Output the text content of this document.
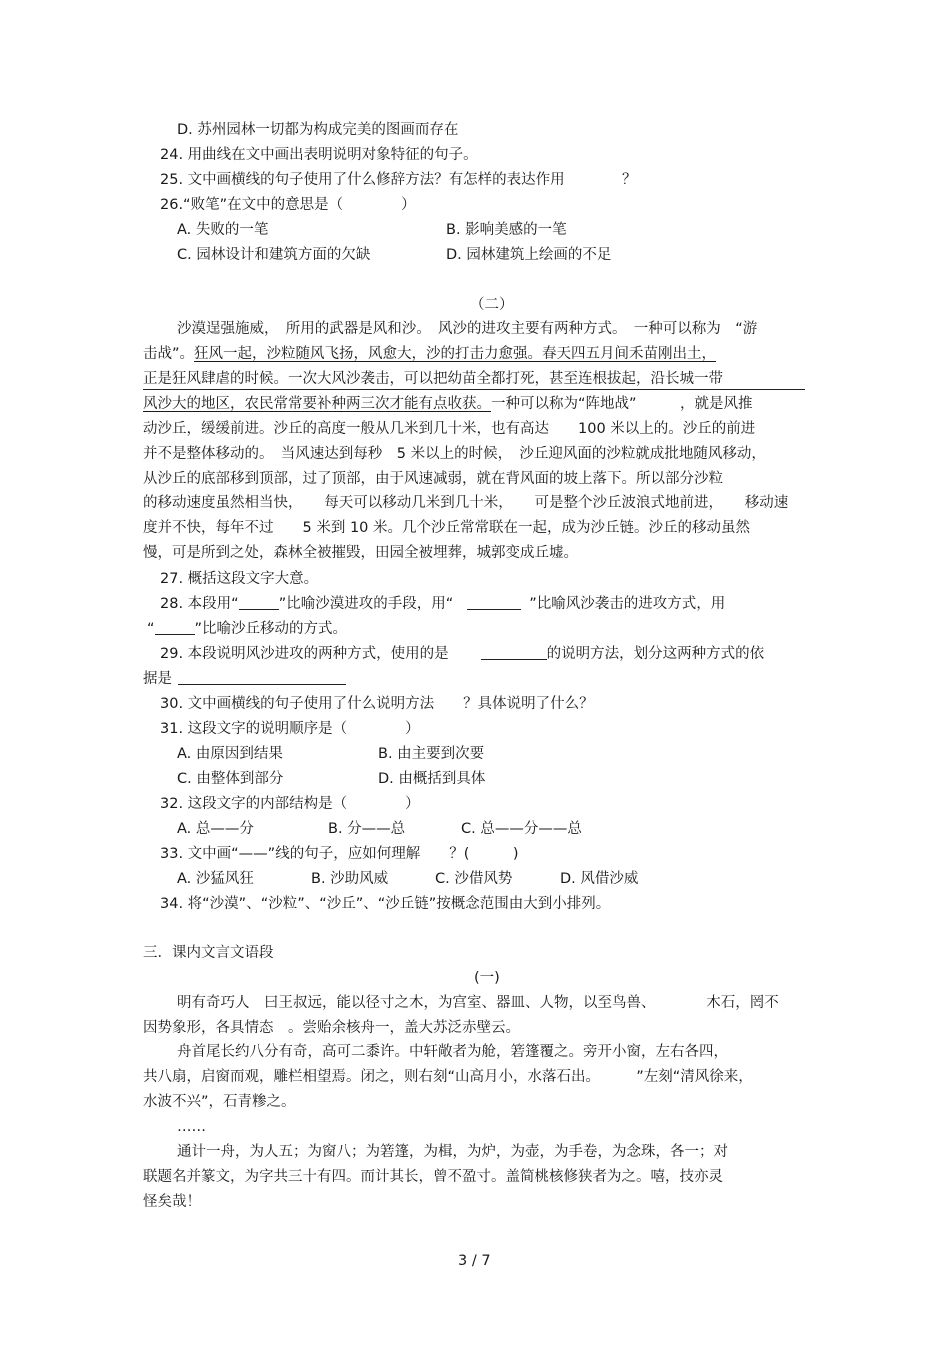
D. 苏州园林一切都为构成完美的图画而存在
24. 用曲线在文中画出表明说明对象特征的句子。
25. 文中画横线的句子使用了什么修辞方法？有怎样的表达作用	？
26.“败笔”在文中的意思是（　　　　）
A. 失败的一笔	B. 影响美感的一笔
C. 园林设计和建筑方面的欠缺	D. 园林建筑上绘画的不足
（二）
沙漠逞强施威，　所用的武器是风和沙。　风沙的进攻主要有两种方式。　一种可以称为　“游
击战”。狂风一起，沙粒随风飞扬，风愈大，沙的打击力愈强。春天四五月间禾苗刚出土，
正是狂风肆虐的时候。一次大风沙袭击，可以把幼苗全都打死，甚至连根拔起，沿长城一带
风沙大的地区，农民常常要补种两三次才能有点收获。一种可以称为“阵地战”　　　，就是风推
动沙丘，缓缓前进。沙丘的高度一般从几米到几十米，也有高达　　100 米以上的。沙丘的前进
并不是整体移动的。　当风速达到每秒　5 米以上的时候，　沙丘迎风面的沙粒就成批地随风移动，
从沙丘的底部移到顶部，过了顶部，由于风速减弱，就在背风面的坡上落下。所以部分沙粒
的移动速度虽然相当快，　　每天可以移动几米到几十米，　　可是整个沙丘波浪式地前进，　　移动速
度并不快，每年不过　　5 米到 10 米。几个沙丘常常联在一起，成为沙丘链。沙丘的移动虽然
慢，可是所到之处，森林全被摧毁，田园全被埋葬，城郭变成丘墟。
27. 概括这段文字大意。
28. 本段用“	”比喻沙漠进攻的手段，用“	”比喻风沙袭击的进攻方式，用
“	”比喻沙丘移动的方式。
29. 本段说明风沙进攻的两种方式，使用的是	的说明方法，划分这两种方式的依
据是
30. 文中画横线的句子使用了什么说明方法　　？具体说明了什么？
31. 这段文字的说明顺序是（　　　　）
A. 由原因到结果	B. 由主要到次要
C. 由整体到部分	D. 由概括到具体
32. 这段文字的内部结构是（　　　　）
A. 总——分	B. 分——总	C. 总——分——总
33. 文中画“——”线的句子，应如何理解　　？(　　　)
A. 沙猛风狂	B. 沙助风威	C. 沙借风势	D. 风借沙威
34. 将“沙漠”、“沙粒”、“沙丘”、“沙丘链”按概念范围由大到小排列。
三．课内文言文语段
(一)
明有奇巧人　曰王叔远，能以径寸之木，为宫室、器皿、人物，以至鸟兽、　　　　木石，罔不
因势象形，各具情态　。尝贻余核舟一，盖大苏泛赤壁云。
舟首尾长约八分有奇，高可二黍许。中轩敞者为舱，箬篷覆之。旁开小窗，左右各四，
共八扇，启窗而观，雕栏相望焉。闭之，则右刻“山高月小，水落石出。　　　”左刻“清风徐来，
水波不兴”，石青糁之。
……
通计一舟，为人五；为窗八；为箬篷，为楫，为炉，为壶，为手卷，为念珠，各一；对
联题名并篆文，为字共三十有四。而计其长，曾不盈寸。盖简桃核修狭者为之。嘻，技亦灵
怪矣哉！
3 / 7
